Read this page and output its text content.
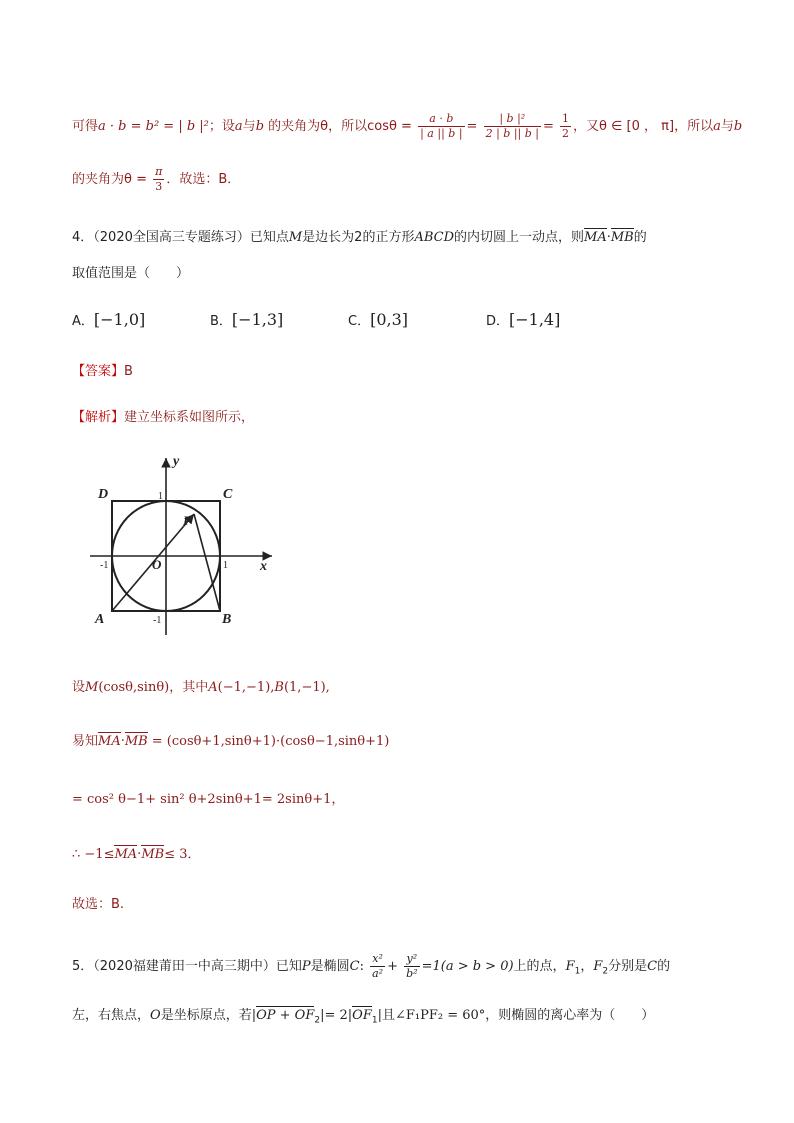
可得a · b = b² = | b |²；设a与b 的夹角为θ，所以$\cos\theta = \frac{a \cdot b}{| a || b |} = \frac{\text{| b |²}}{2 | b || b |} = \frac{1}{2}$ ，又θ ∈ [0 ， π]，所以a与b
的夹角为$\theta = \frac{\pi}{3}$ ．故选：B．
4．（2020全国高三专题练习）已知点M是边长为2的正方形ABCD的内切圆上一动点，则MA·MB的
取值范围是（　　）
A．[−1,0]	B．[−1,3]	C．[0,3]	D．[−1,4]
【答案】B
【解析】建立坐标系如图所示，
y
x
D	C
A	B
P
O
1
1
-1
-1
设M(cosθ,sinθ)，其中A(−1,−1),B(1,−1),
易知MA·MB = (cosθ+1,sinθ+1)·(cosθ−1,sinθ+1)
= cos² θ−1+ sin² θ+2sinθ+1= 2sinθ+1，
∴ −1≤MA·MB≤ 3．
故选：B.
5．（2020福建莆田一中高三期中）已知P是椭圆C: $\frac{\text{x²}}{\text{a²}} + \frac{\text{y²}}{\text{b²}} =1(a > b > 0)$上的点，$F_1$，$F_2$分别是C的
左，右焦点，O是坐标原点，若$|OP + OF_2|= 2|OF_1|$且∠F₁PF₂ = 60°，则椭圆的离心率为（　　）
